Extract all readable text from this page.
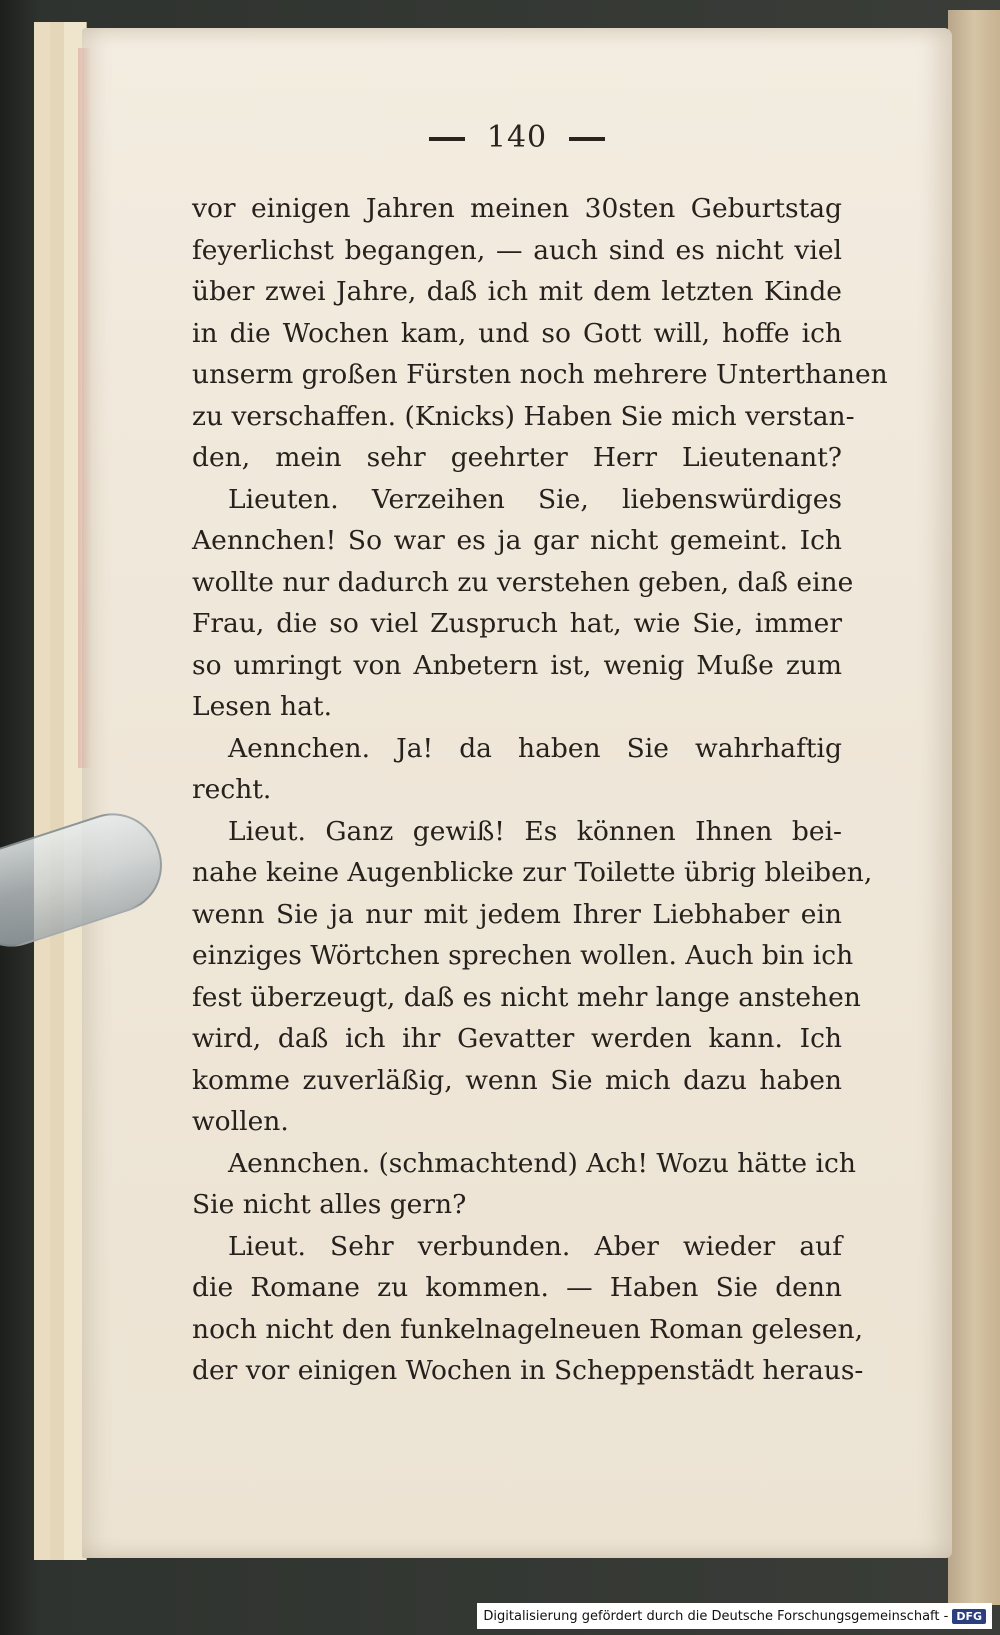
140
vor einigen Jahren meinen 30sten Geburtstag
feyerlichst begangen, — auch sind es nicht viel
über zwei Jahre, daß ich mit dem letzten Kinde
in die Wochen kam, und so Gott will, hoffe ich
unserm großen Fürsten noch mehrere Unterthanen
zu verschaffen. (Knicks) Haben Sie mich verstan-
den, mein sehr geehrter Herr Lieutenant?
Lieuten. Verzeihen Sie, liebenswürdiges
Aennchen! So war es ja gar nicht gemeint. Ich
wollte nur dadurch zu verstehen geben, daß eine
Frau, die so viel Zuspruch hat, wie Sie, immer
so umringt von Anbetern ist, wenig Muße zum
Lesen hat.
Aennchen. Ja! da haben Sie wahrhaftig
recht.
Lieut. Ganz gewiß! Es können Ihnen bei-
nahe keine Augenblicke zur Toilette übrig bleiben,
wenn Sie ja nur mit jedem Ihrer Liebhaber ein
einziges Wörtchen sprechen wollen. Auch bin ich
fest überzeugt, daß es nicht mehr lange anstehen
wird, daß ich ihr Gevatter werden kann. Ich
komme zuverläßig, wenn Sie mich dazu haben
wollen.
Aennchen. (schmachtend) Ach! Wozu hätte ich
Sie nicht alles gern?
Lieut. Sehr verbunden. Aber wieder auf
die Romane zu kommen. — Haben Sie denn
noch nicht den funkelnagelneuen Roman gelesen,
der vor einigen Wochen in Scheppenstädt heraus-
Digitalisierung gefördert durch die Deutsche Forschungsgemeinschaft - DFG
